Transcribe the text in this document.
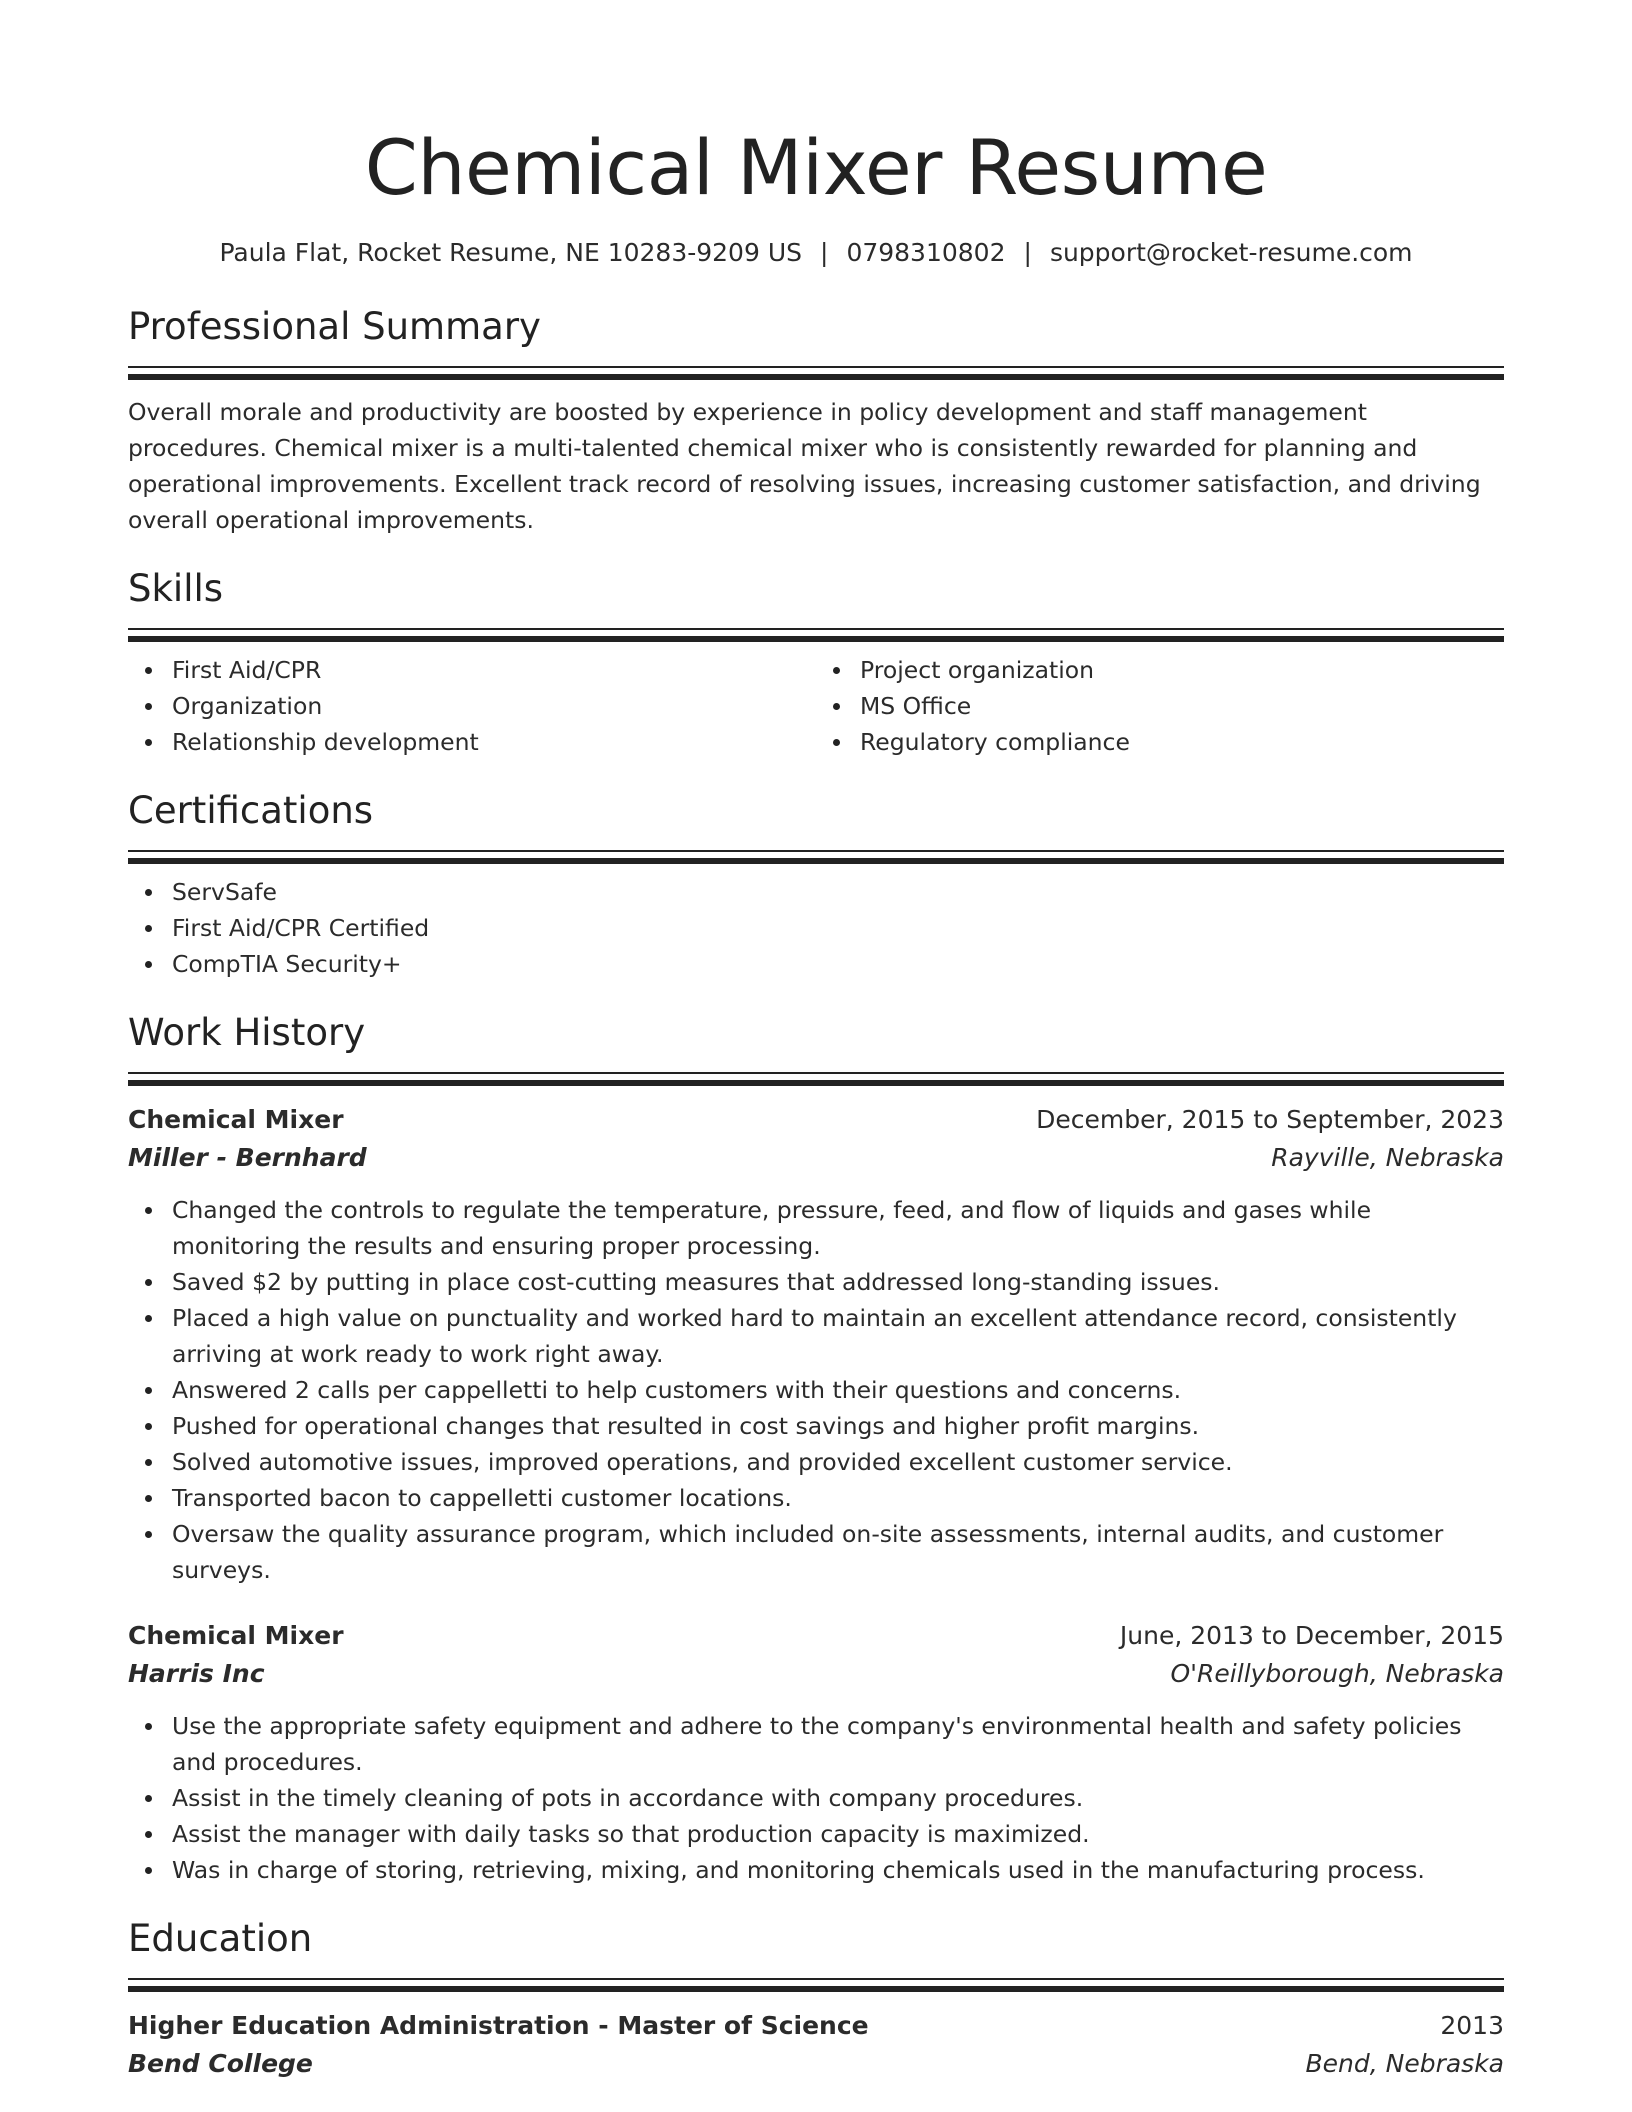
Chemical Mixer Resume
Paula Flat, Rocket Resume, NE 10283-9209 US | 0798310802 | support@rocket-resume.com
Professional Summary

Overall morale and productivity are boosted by experience in policy development and staff management procedures. Chemical mixer is a multi-talented chemical mixer who is consistently rewarded for planning and operational improvements. Excellent track record of resolving issues, increasing customer satisfaction, and driving overall operational improvements.

Skills
First Aid/CPR
Organization
Relationship development
Project organization
MS Office
Regulatory compliance
Certifications
ServSafe
First Aid/CPR Certified
CompTIA Security+
Work History
Chemical Mixer	December, 2015 to September, 2023
Miller - Bernhard	Rayville, Nebraska
Changed the controls to regulate the temperature, pressure, feed, and flow of liquids and gases while monitoring the results and ensuring proper processing.
Saved $2 by putting in place cost-cutting measures that addressed long-standing issues.
Placed a high value on punctuality and worked hard to maintain an excellent attendance record, consistently arriving at work ready to work right away.
Answered 2 calls per cappelletti to help customers with their questions and concerns.
Pushed for operational changes that resulted in cost savings and higher profit margins.
Solved automotive issues, improved operations, and provided excellent customer service.
Transported bacon to cappelletti customer locations.
Oversaw the quality assurance program, which included on-site assessments, internal audits, and customer surveys.
Chemical Mixer	June, 2013 to December, 2015
Harris Inc	O'Reillyborough, Nebraska
Use the appropriate safety equipment and adhere to the company's environmental health and safety policies and procedures.
Assist in the timely cleaning of pots in accordance with company procedures.
Assist the manager with daily tasks so that production capacity is maximized.
Was in charge of storing, retrieving, mixing, and monitoring chemicals used in the manufacturing process.
Education
Higher Education Administration - Master of Science	2013
Bend College	Bend, Nebraska
